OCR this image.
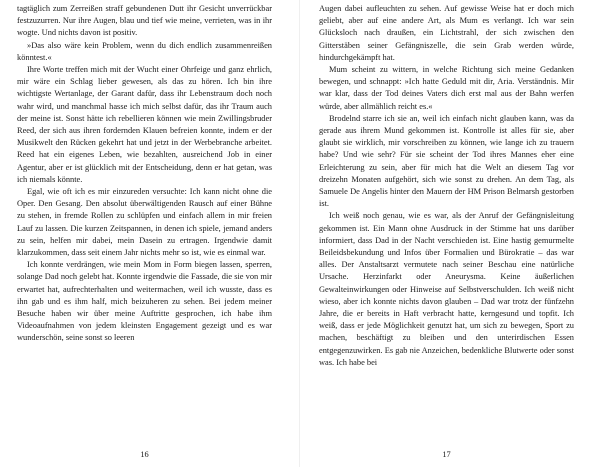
tagtäglich zum Zerreißen straff gebundenen Dutt ihr Gesicht unverrückbar festzuzurren. Nur ihre Augen, blau und tief wie meine, verrieten, was in ihr wogte. Und nichts davon ist positiv.

»Das also wäre kein Problem, wenn du dich endlich zusammenreißen könntest.«

Ihre Worte treffen mich mit der Wucht einer Ohrfeige und ganz ehrlich, mir wäre ein Schlag lieber gewesen, als das zu hören. Ich bin ihre wichtigste Wertanlage, der Garant dafür, dass ihr Lebenstraum doch noch wahr wird, und manchmal hasse ich mich selbst dafür, das ihr Traum auch der meine ist. Sonst hätte ich rebellieren können wie mein Zwillingsbruder Reed, der sich aus ihren fordernden Klauen befreien konnte, indem er der Musikwelt den Rücken gekehrt hat und jetzt in der Werbebranche arbeitet. Reed hat ein eigenes Leben, wie bezahlten, ausreichend Job in einer Agentur, aber er ist glücklich mit der Entscheidung, denn er hat getan, was ich niemals könnte.

Egal, wie oft ich es mir einzureden versuchte: Ich kann nicht ohne die Oper. Den Gesang. Den absolut überwältigenden Rausch auf einer Bühne zu stehen, in fremde Rollen zu schlüpfen und einfach allem in mir freien Lauf zu lassen. Die kurzen Zeitspannen, in denen ich spiele, jemand anders zu sein, helfen mir dabei, mein Dasein zu ertragen. Irgendwie damit klarzukommen, dass seit einem Jahr nichts mehr so ist, wie es einmal war.

Ich konnte verdrängen, wie mein Mom in Form biegen lassen, sperren, solange Dad noch gelebt hat. Konnte irgendwie die Fassade, die sie von mir erwartet hat, aufrechterhalten und weitermachen, weil ich wusste, dass es ihn gab und es ihm half, mich beizuheren zu sehen. Bei jedem meiner Besuche haben wir über meine Auftritte gesprochen, ich habe ihm Videoaufnahmen von jedem kleinsten Engagement gezeigt und es war wunderschön, seine sonst so leeren

16

Augen dabei aufleuchten zu sehen. Auf gewisse Weise hat er doch mich geliebt, aber auf eine andere Art, als Mum es verlangt. Ich war sein Glücksloch nach draußen, ein Lichtstrahl, der sich zwischen den Gitterstäben seiner Gefängniszelle, die sein Grab werden würde, hindurchgekämpft hat.

Mum scheint zu wittern, in welche Richtung sich meine Gedanken bewegen, und schnappt: »Ich hatte Geduld mit dir, Aria. Verständnis. Mir war klar, dass der Tod deines Vaters dich erst mal aus der Bahn werfen würde, aber allmählich reicht es.«

Brodelnd starre ich sie an, weil ich einfach nicht glauben kann, was da gerade aus ihrem Mund gekommen ist. Kontrolle ist alles für sie, aber glaubt sie wirklich, mir vorschreiben zu können, wie lange ich zu trauern habe? Und wie sehr? Für sie scheint der Tod ihres Mannes eher eine Erleichterung zu sein, aber für mich hat die Welt an diesem Tag vor dreizehn Monaten aufgehört, sich wie sonst zu drehen. An dem Tag, als Samuele De Angelis hinter den Mauern der HM Prison Belmarsh gestorben ist.

Ich weiß noch genau, wie es war, als der Anruf der Gefängnisleitung gekommen ist. Ein Mann ohne Ausdruck in der Stimme hat uns darüber informiert, dass Dad in der Nacht verschieden ist. Eine hastig gemurmelte Beileidsbekundung und Infos über Formalien und Bürokratie – das war alles. Der Anstaltsarzt vermutete nach seiner Beschau eine natürliche Ursache. Herzinfarkt oder Aneurysma. Keine äußerlichen Gewalteinwirkungen oder Hinweise auf Selbstverschulden. Ich weiß nicht wieso, aber ich konnte nichts davon glauben – Dad war trotz der fünfzehn Jahre, die er bereits in Haft verbracht hatte, kerngesund und topfit. Ich weiß, dass er jede Möglichkeit genutzt hat, um sich zu bewegen, Sport zu machen, beschäftigt zu bleiben und den unterirdischen Essen entgegenzuwirken. Es gab nie Anzeichen, bedenkliche Blutwerte oder sonst was. Ich habe bei

17
